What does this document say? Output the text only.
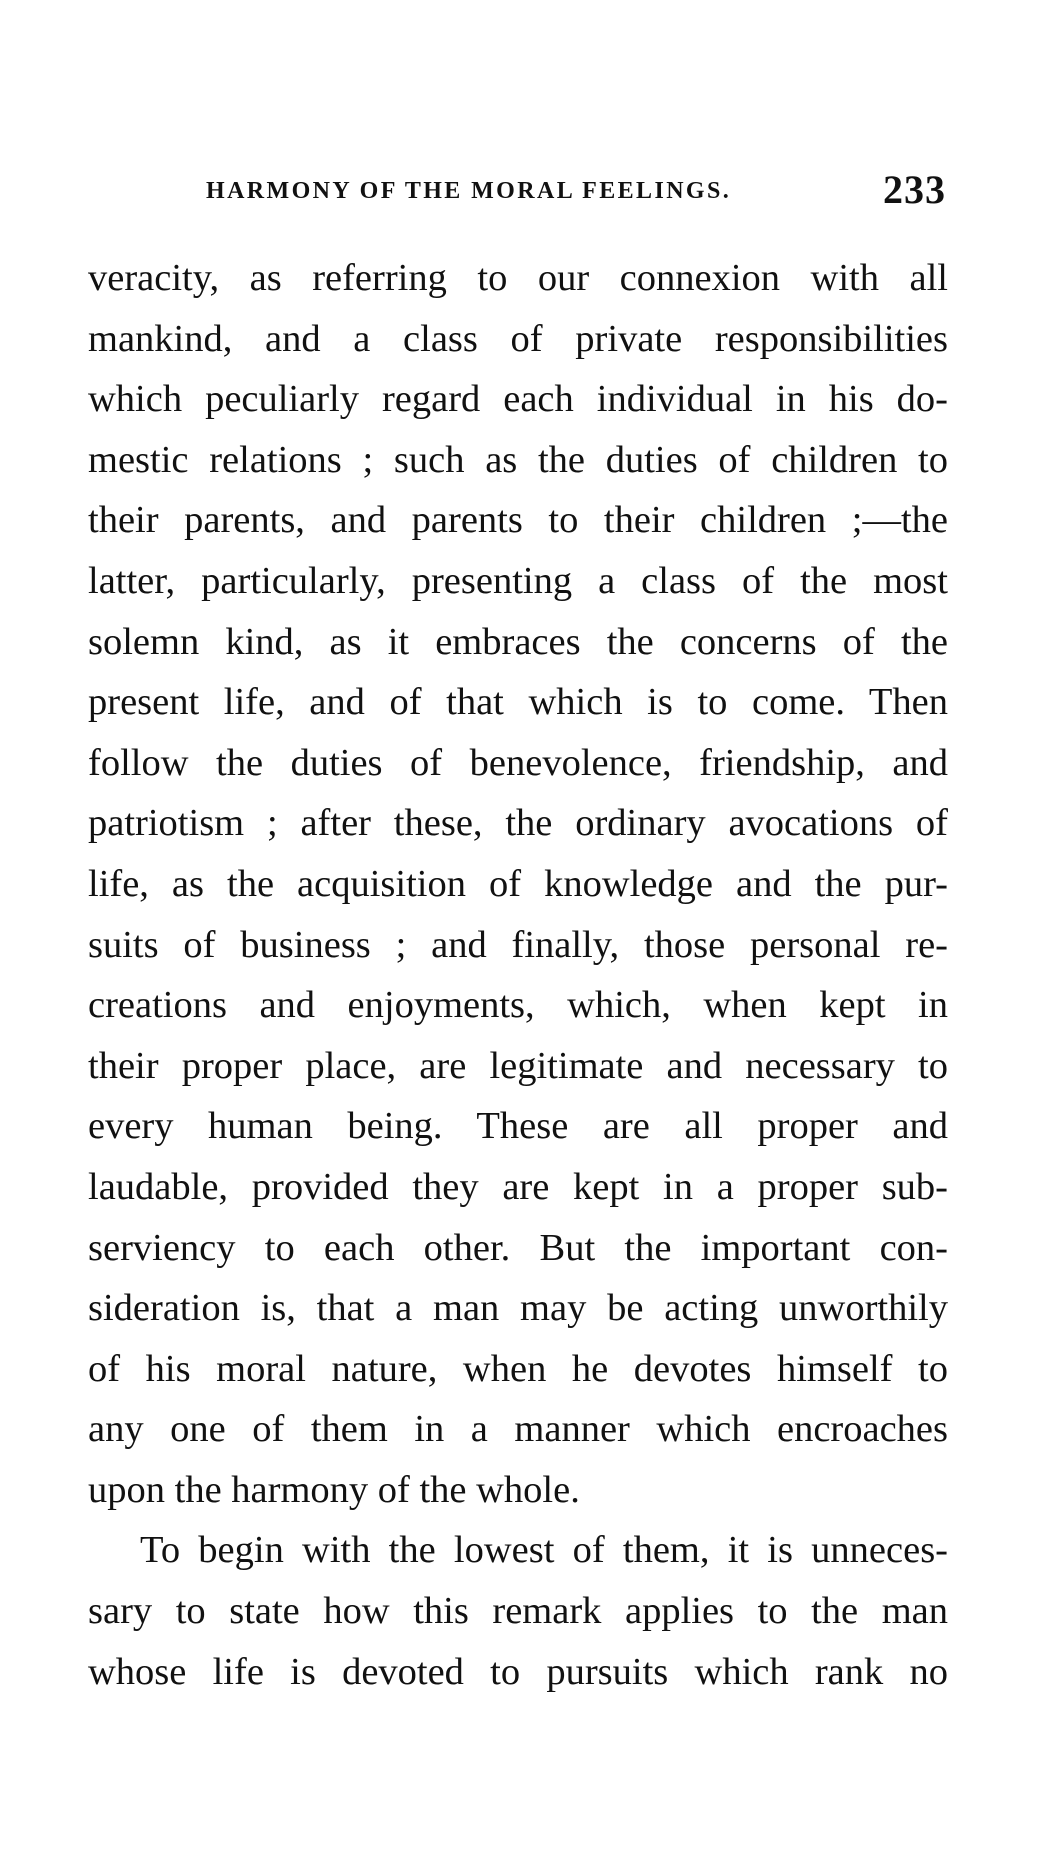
HARMONY OF THE MORAL FEELINGS.	233
veracity, as referring to our connexion with all
mankind, and a class of private responsibilities
which peculiarly regard each individual in his do-
mestic relations ; such as the duties of children to
their parents, and parents to their children ;—the
latter, particularly, presenting a class of the most
solemn kind, as it embraces the concerns of the
present life, and of that which is to come. Then
follow the duties of benevolence, friendship, and
patriotism ; after these, the ordinary avocations of
life, as the acquisition of knowledge and the pur-
suits of business ; and finally, those personal re-
creations and enjoyments, which, when kept in
their proper place, are legitimate and necessary to
every human being. These are all proper and
laudable, provided they are kept in a proper sub-
serviency to each other. But the important con-
sideration is, that a man may be acting unworthily
of his moral nature, when he devotes himself to
any one of them in a manner which encroaches
upon the harmony of the whole.
To begin with the lowest of them, it is unneces-
sary to state how this remark applies to the man
whose life is devoted to pursuits which rank no
